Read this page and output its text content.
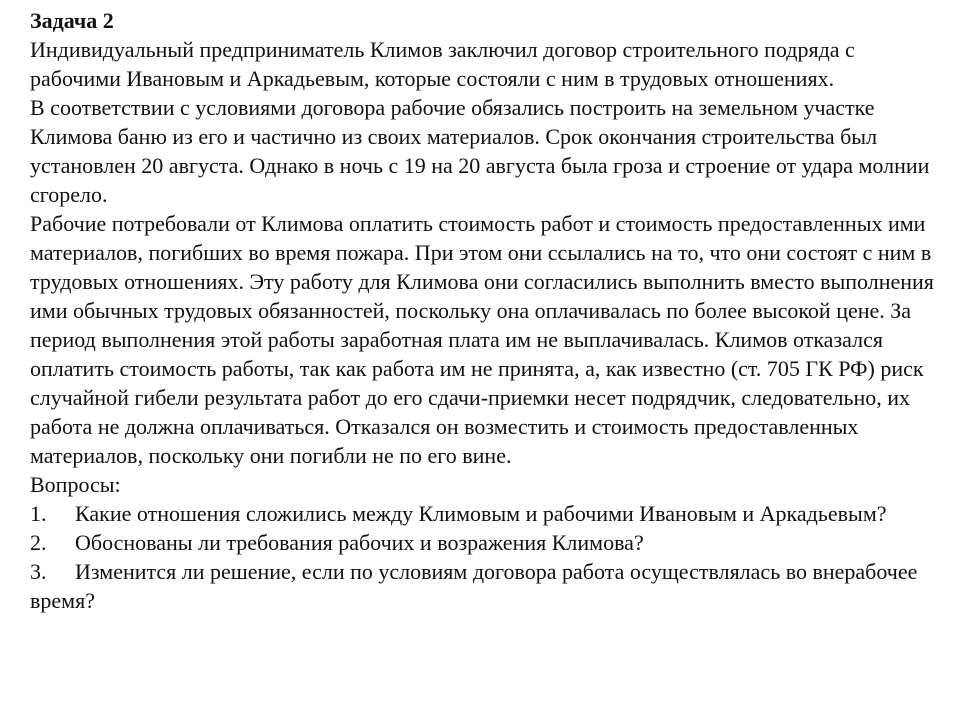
Задача 2

Индивидуальный предприниматель Климов заключил договор строительного подряда с рабочими Ивановым и Аркадьевым, которые состояли с ним в трудовых отношениях.

В соответствии с условиями договора рабочие обязались построить на земельном участке Климова баню из его и частично из своих материалов. Срок окончания строительства был установлен 20 августа. Однако в ночь с 19 на 20 августа была гроза и строение от удара молнии сгорело.

Рабочие потребовали от Климова оплатить стоимость работ и стоимость предоставленных ими материалов, погибших во время пожара. При этом они ссылались на то, что они состоят с ним в трудовых отношениях. Эту работу для Климова они согласились выполнить вместо выполнения ими обычных трудовых обязанностей, поскольку она оплачивалась по более высокой цене. За период выполнения этой работы заработная плата им не выплачивалась. Климов отказался оплатить стоимость работы, так как работа им не принята, а, как известно (ст. 705 ГК РФ) риск случайной гибели результата работ до его сдачи-приемки несет подрядчик, следовательно, их работа не должна оплачиваться. Отказался он возместить и стоимость предоставленных материалов, поскольку они погибли не по его вине.

Вопросы:

1. Какие отношения сложились между Климовым и рабочими Ивановым и Аркадьевым?

2. Обоснованы ли требования рабочих и возражения Климова?

3. Изменится ли решение, если по условиям договора работа осуществлялась во внерабочее время?
